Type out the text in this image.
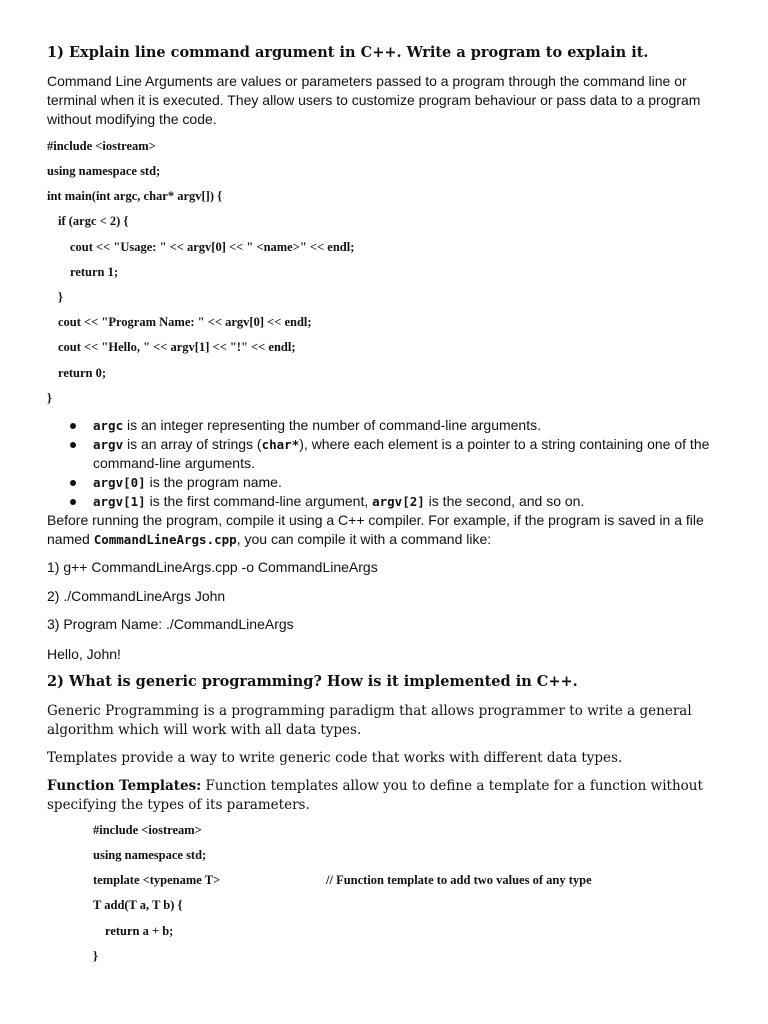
1) Explain line command argument in C++. Write a program to explain it.
Command Line Arguments are values or parameters passed to a program through the command line or terminal when it is executed. They allow users to customize program behaviour or pass data to a program without modifying the code.
#include <iostream>
using namespace std;
int main(int argc, char* argv[]) {
if (argc < 2) {
cout << "Usage: " << argv[0] << " <name>" << endl;
return 1;
}
cout << "Program Name: " << argv[0] << endl;
cout << "Hello, " << argv[1] << "!" << endl;
return 0;
}
argc is an integer representing the number of command-line arguments.
argv is an array of strings (char*), where each element is a pointer to a string containing one of the command-line arguments.
argv[0] is the program name.
argv[1] is the first command-line argument, argv[2] is the second, and so on.
Before running the program, compile it using a C++ compiler. For example, if the program is saved in a file named CommandLineArgs.cpp, you can compile it with a command like:
1) g++ CommandLineArgs.cpp -o CommandLineArgs
2) ./CommandLineArgs John
3) Program Name: ./CommandLineArgs
Hello, John!
2) What is generic programming? How is it implemented in C++.
Generic Programming is a programming paradigm that allows programmer to write a general algorithm which will work with all data types.
Templates provide a way to write generic code that works with different data types.
Function Templates: Function templates allow you to define a template for a function without specifying the types of its parameters.
#include <iostream>
using namespace std;
template <typename T>	// Function template to add two values of any type
T add(T a, T b) {
return a + b;
}
